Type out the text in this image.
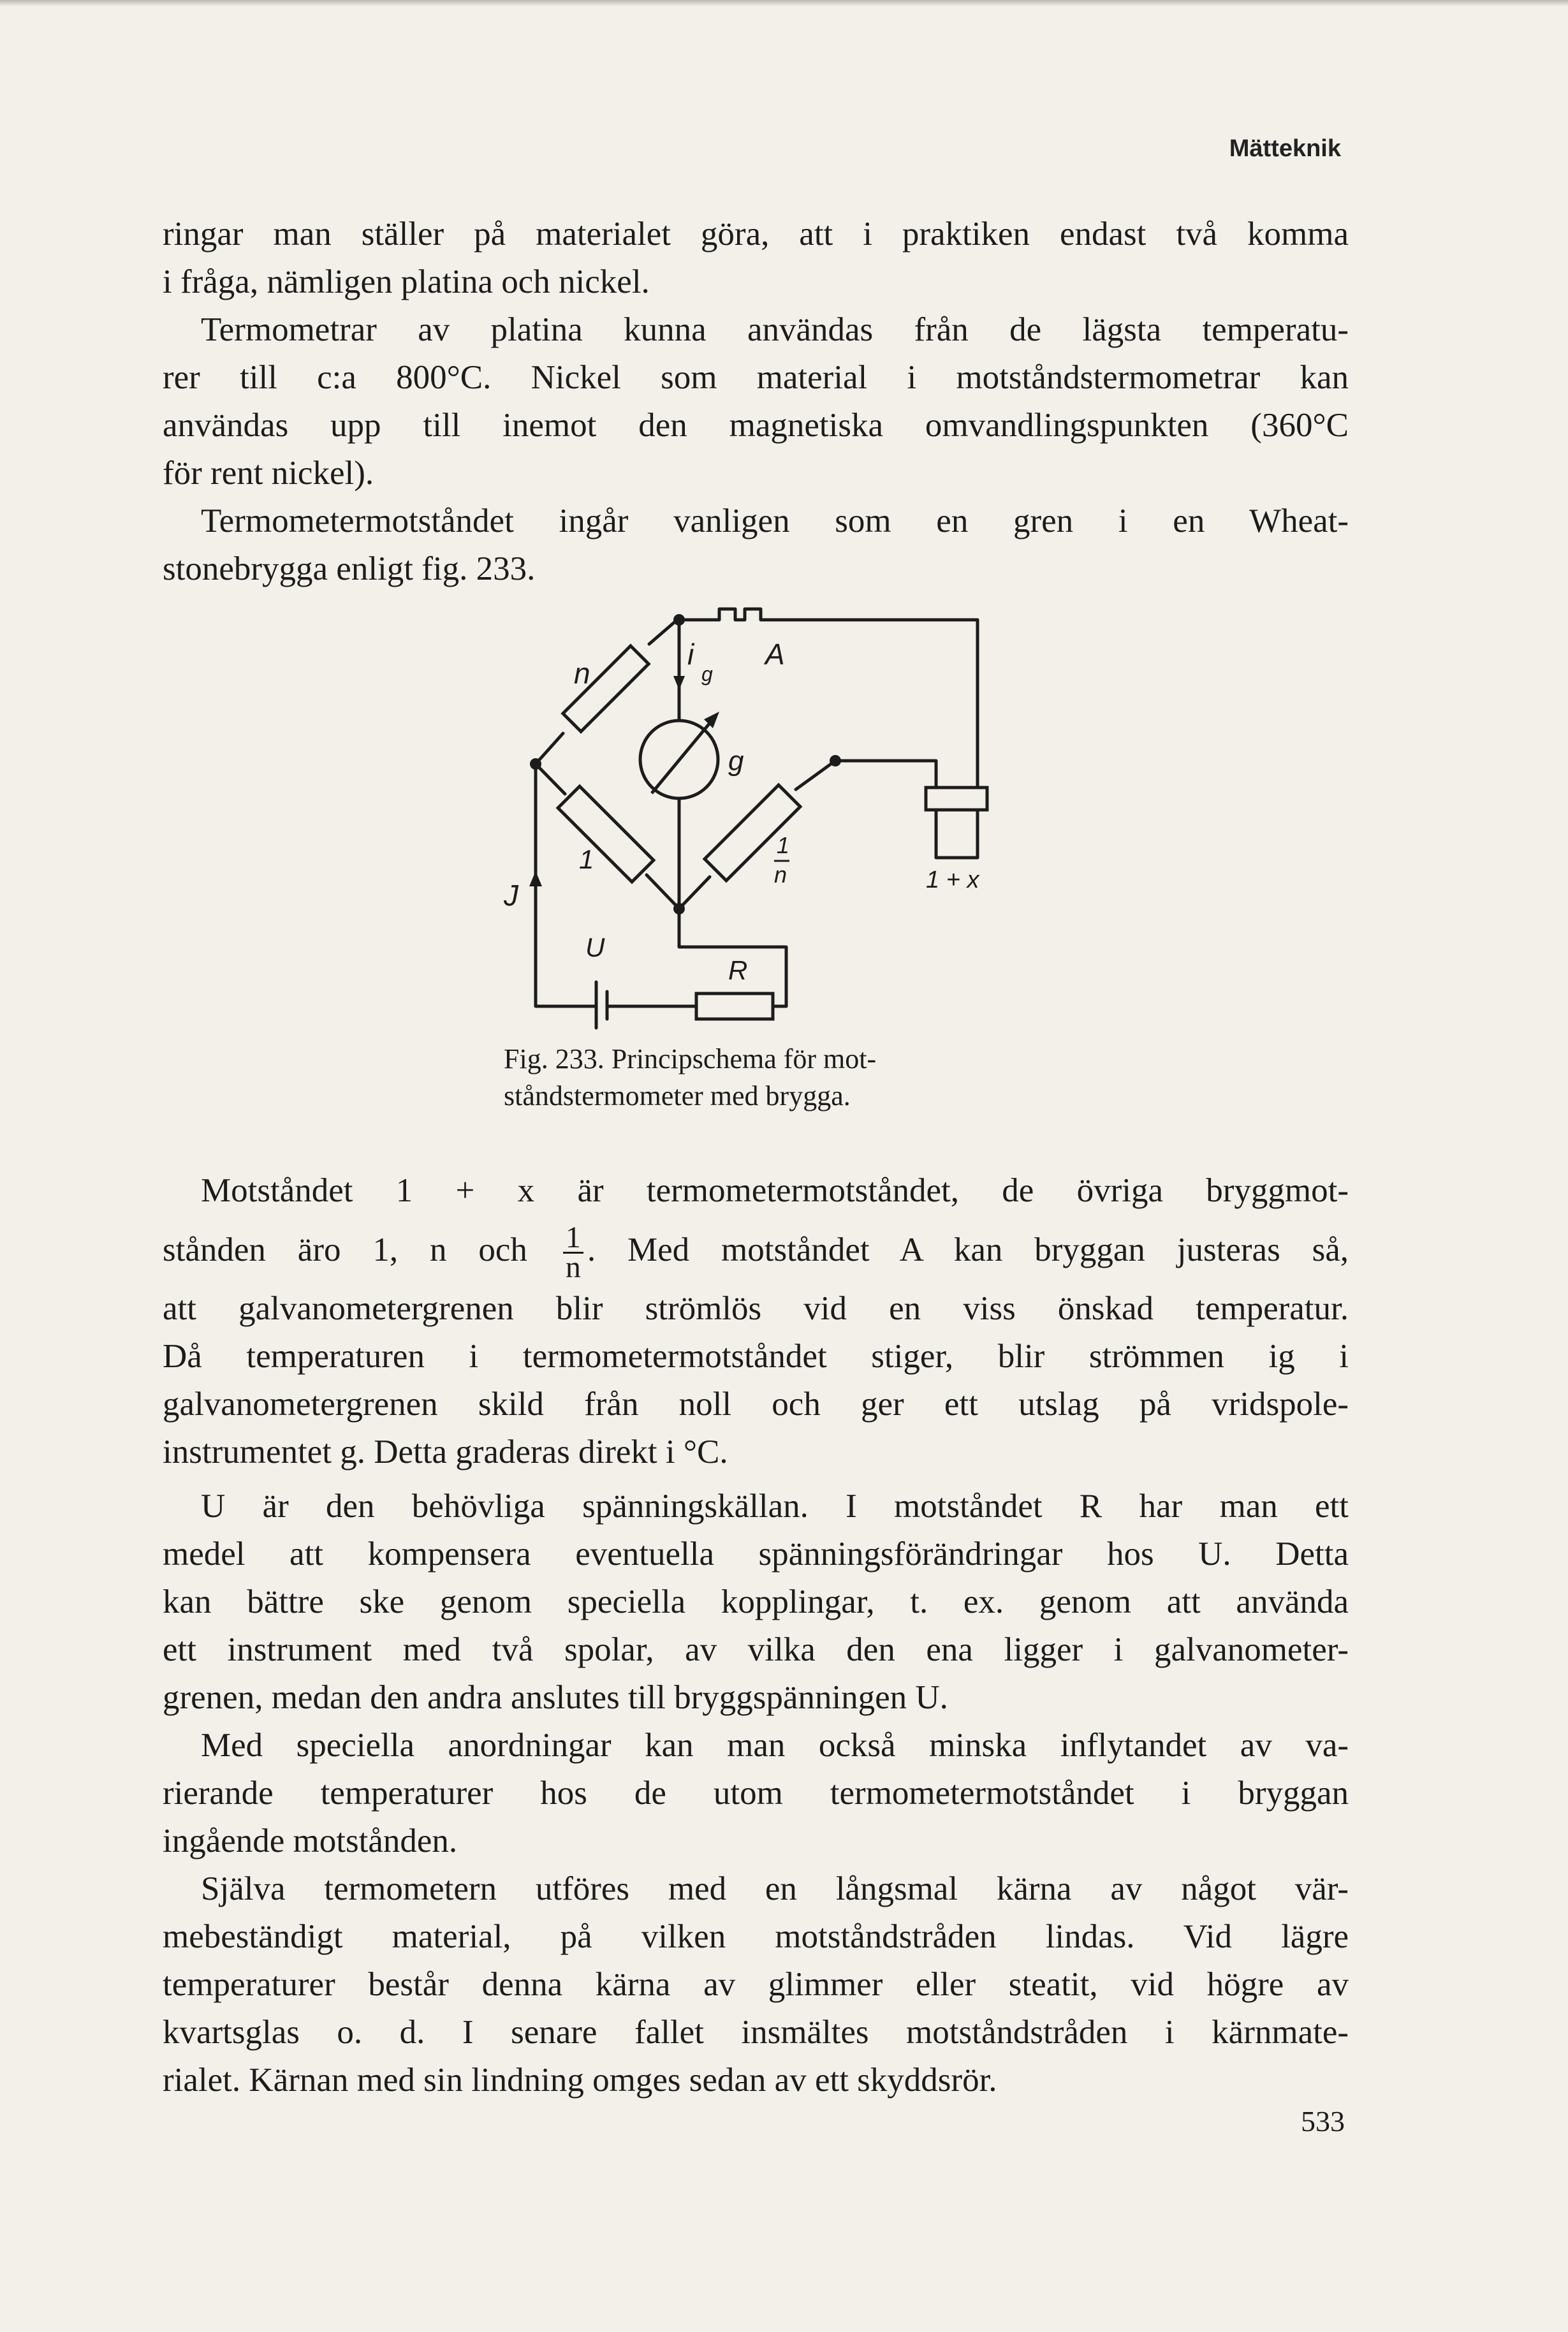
Mätteknik
ringar man ställer på materialet göra, att i praktiken endast två komma
i fråga, nämligen platina och nickel.
Termometrar av platina kunna användas från de lägsta temperatu-
rer till c:a 800°C. Nickel som material i motståndstermometrar kan
användas upp till inemot den magnetiska omvandlingspunkten (360°C
för rent nickel).
Termometermotståndet ingår vanligen som en gren i en Wheat-
stonebrygga enligt fig. 233.
n
i
g
A
g
1	1
n	1 + x
J
U
R
Fig. 233. Principschema för mot-
ståndstermometer med brygga.
Motståndet 1 + x är termometermotståndet, de övriga bryggmot-
stånden äro 1, n och $\frac{1}{n}$ . Med motståndet A kan bryggan justeras så,
att galvanometergrenen blir strömlös vid en viss önskad temperatur.
Då temperaturen i termometermotståndet stiger, blir strömmen ig i
galvanometergrenen skild från noll och ger ett utslag på vridspole-
instrumentet g. Detta graderas direkt i °C.
U är den behövliga spänningskällan. I motståndet R har man ett
medel att kompensera eventuella spänningsförändringar hos U. Detta
kan bättre ske genom speciella kopplingar, t. ex. genom att använda
ett instrument med två spolar, av vilka den ena ligger i galvanometer-
grenen, medan den andra anslutes till bryggspänningen U.
Med speciella anordningar kan man också minska inflytandet av va-
rierande temperaturer hos de utom termometermotståndet i bryggan
ingående motstånden.
Själva termometern utföres med en långsmal kärna av något vär-
mebeständigt material, på vilken motståndstråden lindas. Vid lägre
temperaturer består denna kärna av glimmer eller steatit, vid högre av
kvartsglas o. d. I senare fallet insmältes motståndstråden i kärnmate-
rialet. Kärnan med sin lindning omges sedan av ett skyddsrör.
533
